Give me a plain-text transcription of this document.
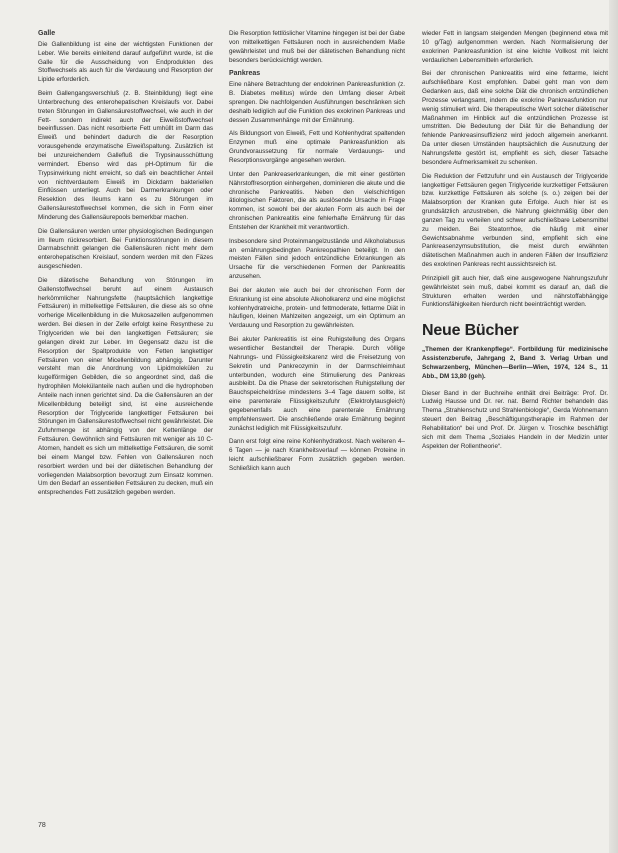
Galle

Die Gallenbildung ist eine der wichtigsten Funktionen der Leber. Wie bereits einleitend darauf aufgeführt wurde, ist die Galle für die Ausscheidung von Endprodukten des Stoffwechsels als auch für die Verdauung und Resorption der Lipide erforderlich.

Beim Gallengangsverschluß (z. B. Steinbildung) liegt eine Unterbrechung des enterohepatischen Kreislaufs vor. Dabei treten Störungen im Gallensäurestoffwechsel, wie auch in der Fett- sondern indirekt auch der Eiweißstoffwechsel beeinflussen. Das nicht resorbierte Fett umhüllt im Darm das Eiweiß und behindert dadurch die der Resorption vorausgehende enzymatische Eiweißspaltung. Zusätzlich ist bei unzureichendem Gallefluß die Trypsinausschüttung vermindert. Ebenso wird das pH-Optimum für die Trypsinwirkung nicht erreicht, so daß ein beachtlicher Anteil von nichtverdautem Eiweiß im Dickdarm bakteriellen Einflüssen unterliegt. Auch bei Darmerkrankungen oder Resektion des Ileums kann es zu Störungen im Gallensäurestoffwechsel kommen, die sich in Form einer Minderung des Gallensäurepools bemerkbar machen.

Die Gallensäuren werden unter physiologischen Bedingungen im Ileum rückresorbiert. Bei Funktionsstörungen in diesem Darmabschnitt gelangen die Gallensäuren nicht mehr dem enterohepatischen Kreislauf, sondern werden mit den Fäzes ausgeschieden.

Die diätetische Behandlung von Störungen im Gallenstoffwechsel beruht auf einem Austausch herkömmlicher Nahrungsfette (hauptsächlich langkettige Fettsäuren) in mittelkettige Fettsäuren, die diese als so ohne vorherige Micellenbildung in die Mukosazellen aufgenommen werden. Bei diesen in der Zelle erfolgt keine Resynthese zu Triglyceriden wie bei den langkettigen Fettsäuren; sie gelangen direkt zur Leber. Im Gegensatz dazu ist die Resorption der Spaltprodukte von Fetten langkettiger Fettsäuren von einer Micellenbildung abhängig. Darunter versteht man die Anordnung von Lipidmolekülen zu kugelförmigen Gebilden, die so angeordnet sind, daß die hydrophilen Molekülanteile nach außen und die hydrophoben Anteile nach innen gerichtet sind. Da die Gallensäuren an der Micellenbildung beteiligt sind, ist eine ausreichende Resorption der Triglyceride langkettiger Fettsäuren bei Störungen im Gallensäurestoffwechsel nicht gewährleistet. Die Zufuhrmenge ist abhängig von der Kettenlänge der Fettsäuren. Gewöhnlich sind Fettsäuren mit weniger als 10 C-Atomen, handelt es sich um mittelkettige Fettsäuren, die somit bei einem Mangel bzw. Fehlen von Gallensäuren noch resorbiert werden und bei der diätetischen Behandlung der vorliegenden Malabsorption bevorzugt zum Einsatz kommen. Um den Bedarf an essentiellen Fettsäuren zu decken, muß ein entsprechendes Fett zusätzlich gegeben werden.

Die Resorption fettlöslicher Vitamine hingegen ist bei der Gabe von mittelkettigen Fettsäuren noch in ausreichendem Maße gewährleistet und muß bei der diätetischen Behandlung nicht besonders berücksichtigt werden.

Pankreas

Eine nähere Betrachtung der endokrinen Pankreasfunktion (z. B. Diabetes mellitus) würde den Umfang dieser Arbeit sprengen. Die nachfolgenden Ausführungen beschränken sich deshalb lediglich auf die Funktion des exokrinen Pankreas und dessen Zusammenhänge mit der Ernährung.

Als Bildungsort von Eiweiß, Fett und Kohlenhydrat spaltenden Enzymen muß eine optimale Pankreasfunktion als Grundvoraussetzung für normale Verdauungs- und Resorptionsvorgänge angesehen werden.

Unter den Pankreaserkrankungen, die mit einer gestörten Nährstoffresorption einhergehen, dominieren die akute und die chronische Pankreatitis. Neben den vielschichtigen ätiologischen Faktoren, die als auslösende Ursache in Frage kommen, ist sowohl bei der akuten Form als auch bei der chronischen Pankreatitis eine fehlerhafte Ernährung für das Entstehen der Krankheit mit verantwortlich.

Insbesondere sind Proteinmangelzustände und Alkoholabusus an ernährungsbedingten Pankreopathien beteiligt. In den meisten Fällen sind jedoch entzündliche Erkrankungen als Ursache für die verschiedenen Formen der Pankreatitis anzusehen.

Bei der akuten wie auch bei der chronischen Form der Erkrankung ist eine absolute Alkoholkarenz und eine möglichst kohlenhydratreiche, protein- und fettmoderate, fettarme Diät in häufigen, kleinen Mahlzeiten angezeigt, um ein Optimum an Verdauung und Resorption zu gewährleisten.

Bei akuter Pankreatitis ist eine Ruhigstellung des Organs wesentlicher Bestandteil der Therapie. Durch völlige Nahrungs- und Flüssigkeitskarenz wird die Freisetzung von Sekretin und Pankreozymin in der Darmschleimhaut unterbunden, wodurch eine Stimulierung des Pankreas ausbleibt. Da die Phase der sekretorischen Ruhigstellung der Bauchspeicheldrüse mindestens 3–4 Tage dauern sollte, ist eine parenterale Flüssigkeitszufuhr (Elektrolytausgleich) gegebenenfalls auch eine parenterale Ernährung empfehlenswert. Die anschließende orale Ernährung beginnt zunächst lediglich mit Flüssigkeitszufuhr.

Dann erst folgt eine reine Kohlenhydratkost. Nach weiteren 4–6 Tagen — je nach Krankheitsverlauf — können Proteine in leicht aufschließbarer Form zusätzlich gegeben werden. Schließlich kann auch

wieder Fett in langsam steigenden Mengen (beginnend etwa mit 10 g/Tag) aufgenommen werden. Nach Normalisierung der exokrinen Pankreasfunktion ist eine leichte Vollkost mit leicht verdaulichen Lebensmitteln erforderlich.

Bei der chronischen Pankreatitis wird eine fettarme, leicht aufschließbare Kost empfohlen. Dabei geht man von dem Gedanken aus, daß eine solche Diät die chronisch entzündlichen Prozesse verlangsamt, indem die exokrine Pankreasfunktion nur wenig stimuliert wird. Die therapeutische Wert solcher diätetischer Maßnahmen im Hinblick auf die entzündlichen Prozesse ist umstritten. Die Bedeutung der Diät für die Behandlung der fehlende Pankreasinsuffizienz wird jedoch allgemein anerkannt. Da unter diesen Umständen hauptsächlich die Ausnutzung der Nahrungsfette gestört ist, empfiehlt es sich, dieser Tatsache besondere Aufmerksamkeit zu schenken.

Die Reduktion der Fettzufuhr und ein Austausch der Triglyceride langkettiger Fettsäuren gegen Triglyceride kurzkettiger Fettsäuren bzw. kurzkettige Fettsäuren als solche (s. o.) zeigen bei der Malabsorption der Kranken gute Erfolge. Auch hier ist es grundsätzlich anzustreben, die Nahrung gleichmäßig über den ganzen Tag zu verteilen und schwer aufschließbare Lebensmittel zu meiden. Bei Steatorrhoe, die häufig mit einer Gewichtsabnahme verbunden sind, empfiehlt sich eine Pankreasenzymsubstitution, die meist durch erwähnten diätetischen Maßnahmen auch in anderen Fällen der Insuffizienz des exokrinen Pankreas recht aussichtsreich ist.

Prinzipiell gilt auch hier, daß eine ausgewogene Nahrungszufuhr gewährleistet sein muß, dabei kommt es darauf an, daß die Strukturen erhalten werden und nährstoffabhängige Funktionsfähigkeiten hierdurch nicht beeinträchtigt werden.

Neue Bücher

„Themen der Krankenpflege“. Fortbildung für medizinische Assistenzberufe, Jahrgang 2, Band 3. Verlag Urban und Schwarzenberg, München—Berlin—Wien, 1974, 124 S., 11 Abb., DM 13,80 (geh).

Dieser Band in der Buchreihe enthält drei Beiträge: Prof. Dr. Ludwig Hausse und Dr. rer. nat. Bernd Richter behandeln das Thema „Strahlenschutz und Strahlenbiologie“, Gerda Wohnemann steuert den Beitrag „Beschäftigungstherapie im Rahmen der Rehabilitation“ bei und Prof. Dr. Jürgen v. Troschke beschäftigt sich mit dem Thema „Soziales Handeln in der Medizin unter Aspekten der Rollentheorie“.

78
